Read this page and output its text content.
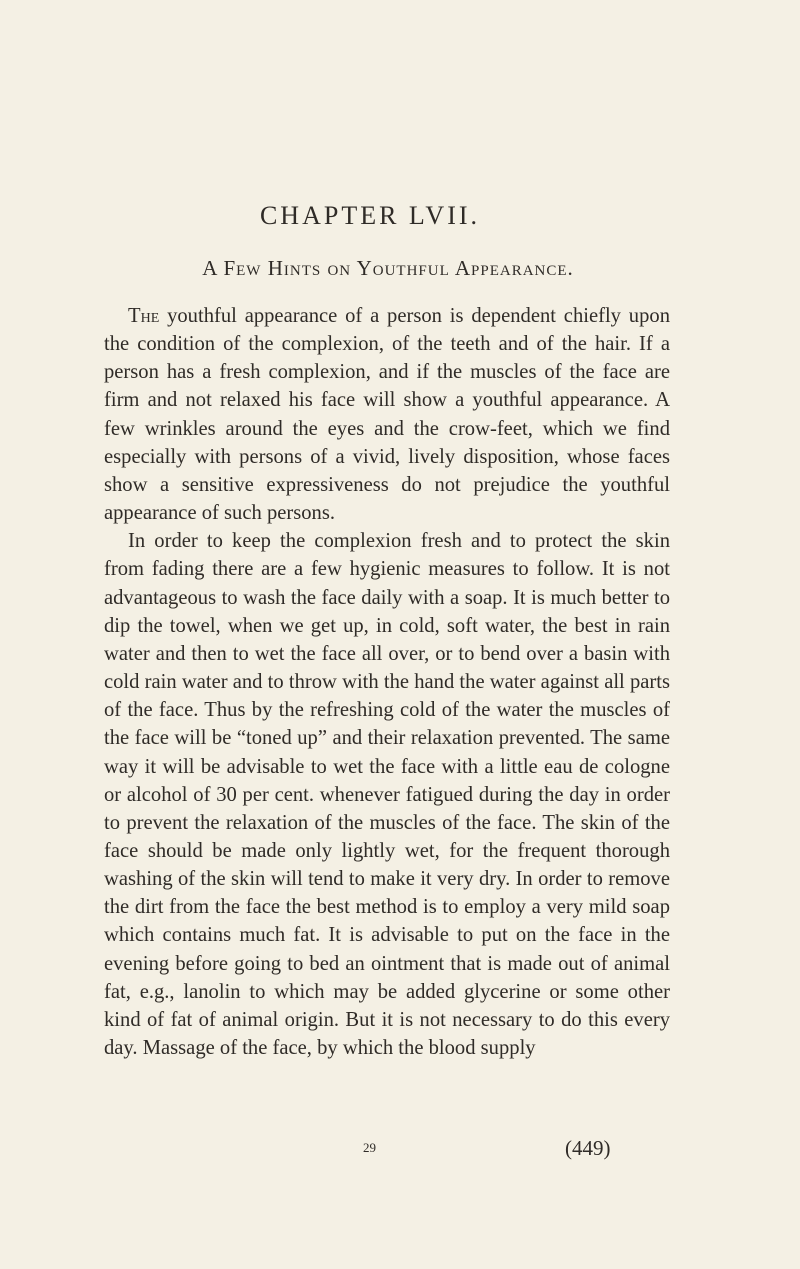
CHAPTER LVII.
A Few Hints on Youthful Appearance.

The youthful appearance of a person is dependent chiefly upon the condition of the complexion, of the teeth and of the hair. If a person has a fresh complexion, and if the muscles of the face are firm and not relaxed his face will show a youthful appearance. A few wrinkles around the eyes and the crow-feet, which we find especially with persons of a vivid, lively disposition, whose faces show a sensitive expressiveness do not prejudice the youthful appearance of such persons.

In order to keep the complexion fresh and to protect the skin from fading there are a few hygienic measures to follow. It is not advantageous to wash the face daily with a soap. It is much better to dip the towel, when we get up, in cold, soft water, the best in rain water and then to wet the face all over, or to bend over a basin with cold rain water and to throw with the hand the water against all parts of the face. Thus by the refreshing cold of the water the muscles of the face will be “toned up” and their relaxation prevented. The same way it will be advisable to wet the face with a little eau de cologne or alcohol of 30 per cent. whenever fatigued during the day in order to prevent the relaxation of the muscles of the face. The skin of the face should be made only lightly wet, for the frequent thorough washing of the skin will tend to make it very dry. In order to remove the dirt from the face the best method is to employ a very mild soap which contains much fat. It is advisable to put on the face in the evening before going to bed an ointment that is made out of animal fat, e.g., lanolin to which may be added glycerine or some other kind of fat of animal origin. But it is not necessary to do this every day. Massage of the face, by which the blood supply

29	(449)
